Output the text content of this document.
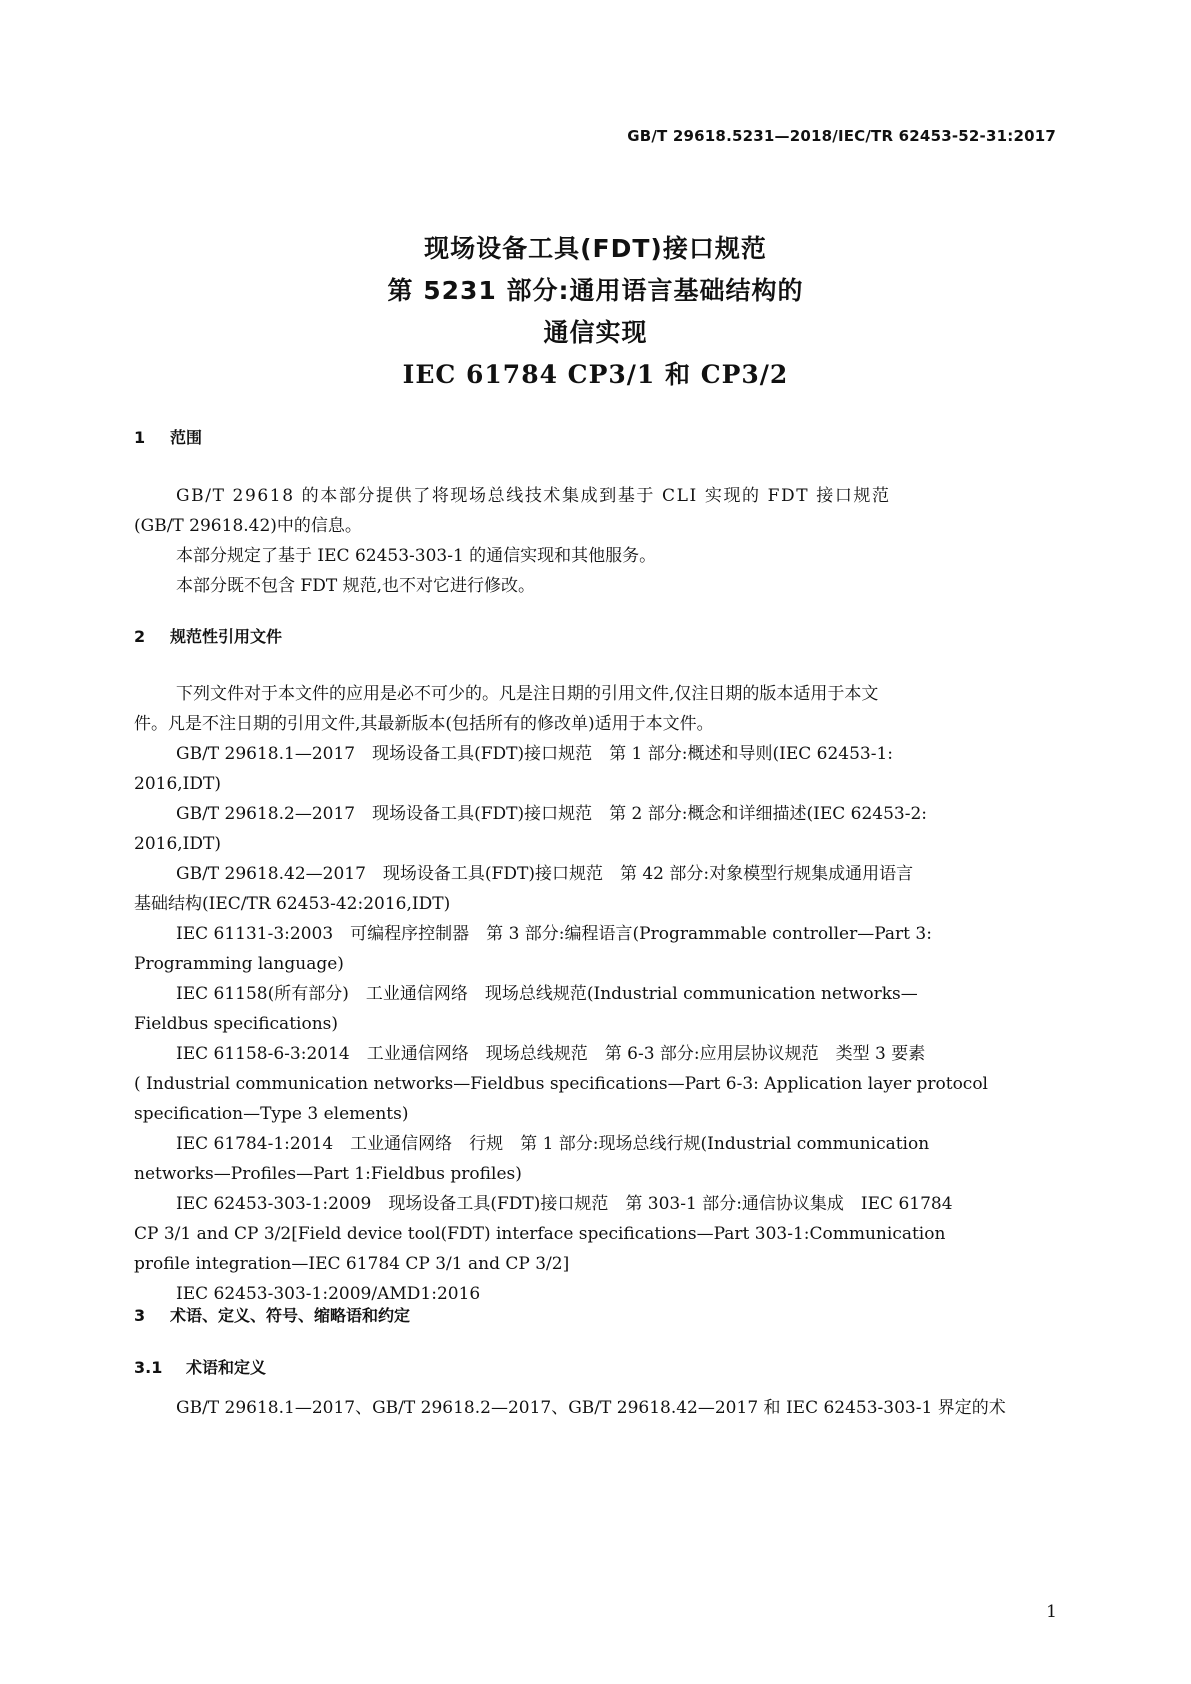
GB/T 29618.5231—2018/IEC/TR 62453-52-31:2017
现场设备工具(FDT)接口规范
第 5231 部分:通用语言基础结构的
通信实现
IEC 61784 CP3/1 和 CP3/2
1 范围
GB/T 29618 的本部分提供了将现场总线技术集成到基于 CLI 实现的 FDT 接口规范
(GB/T 29618.42)中的信息。
本部分规定了基于 IEC 62453-303-1 的通信实现和其他服务。
本部分既不包含 FDT 规范,也不对它进行修改。
2 规范性引用文件
下列文件对于本文件的应用是必不可少的。凡是注日期的引用文件,仅注日期的版本适用于本文
件。凡是不注日期的引用文件,其最新版本(包括所有的修改单)适用于本文件。
GB/T 29618.1—2017　现场设备工具(FDT)接口规范　第 1 部分:概述和导则(IEC 62453-1:
2016,IDT)
GB/T 29618.2—2017　现场设备工具(FDT)接口规范　第 2 部分:概念和详细描述(IEC 62453-2:
2016,IDT)
GB/T 29618.42—2017　现场设备工具(FDT)接口规范　第 42 部分:对象模型行规集成通用语言
基础结构(IEC/TR 62453-42:2016,IDT)
IEC 61131-3:2003　可编程序控制器　第 3 部分:编程语言(Programmable controller—Part 3:
Programming language)
IEC 61158(所有部分)　工业通信网络　现场总线规范(Industrial communication networks—
Fieldbus specifications)
IEC 61158-6-3:2014　工业通信网络　现场总线规范　第 6-3 部分:应用层协议规范　类型 3 要素
( Industrial communication networks—Fieldbus specifications—Part 6-3: Application layer protocol
specification—Type 3 elements)
IEC 61784-1:2014　工业通信网络　行规　第 1 部分:现场总线行规(Industrial communication
networks—Profiles—Part 1:Fieldbus profiles)
IEC 62453-303-1:2009　现场设备工具(FDT)接口规范　第 303-1 部分:通信协议集成　IEC 61784
CP 3/1 and CP 3/2[Field device tool(FDT) interface specifications—Part 303-1:Communication
profile integration—IEC 61784 CP 3/1 and CP 3/2]
IEC 62453-303-1:2009/AMD1:2016
3 术语、定义、符号、缩略语和约定
3.1 术语和定义
GB/T 29618.1—2017、GB/T 29618.2—2017、GB/T 29618.42—2017 和 IEC 62453-303-1 界定的术
1
